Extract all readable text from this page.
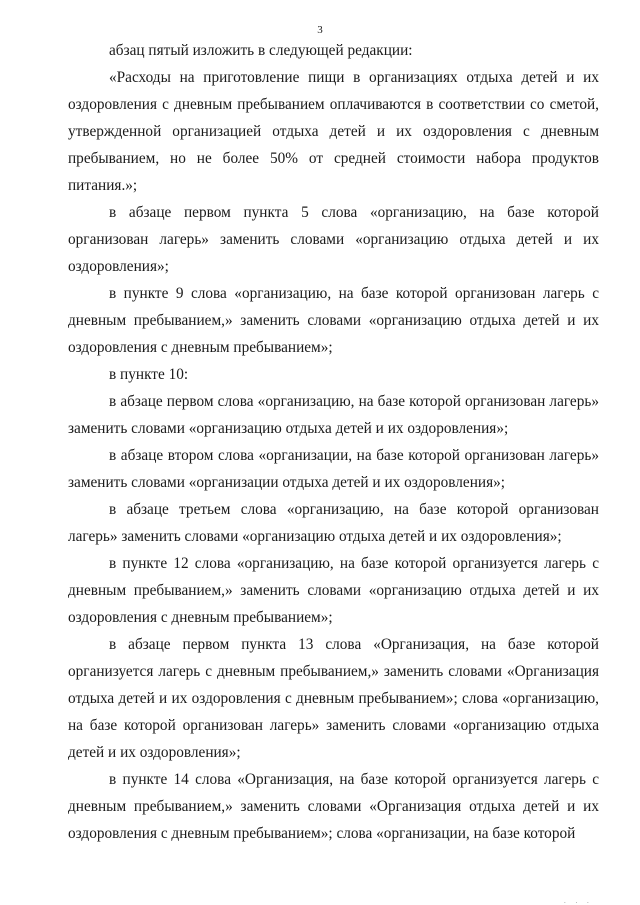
3

абзац пятый изложить в следующей редакции:

«Расходы на приготовление пищи в организациях отдыха детей и их оздоровления с дневным пребыванием оплачиваются в соответствии со сметой, утвержденной организацией отдыха детей и их оздоровления с дневным пребыванием, но не более 50% от средней стоимости набора продуктов питания.»;

в абзаце первом пункта 5 слова «организацию, на базе которой организован лагерь» заменить словами «организацию отдыха детей и их оздоровления»;

в пункте 9 слова «организацию, на базе которой организован лагерь с дневным пребыванием,» заменить словами «организацию отдыха детей и их оздоровления с дневным пребыванием»;

в пункте 10:

в абзаце первом слова «организацию, на базе которой организован лагерь» заменить словами «организацию отдыха детей и их оздоровления»;

в абзаце втором слова «организации, на базе которой организован лагерь» заменить словами «организации отдыха детей и их оздоровления»;

в абзаце третьем слова «организацию, на базе которой организован лагерь» заменить словами «организацию отдыха детей и их оздоровления»;

в пункте 12 слова «организацию, на базе которой организуется лагерь с дневным пребыванием,» заменить словами «организацию отдыха детей и их оздоровления с дневным пребыванием»;

в абзаце первом пункта 13 слова «Организация, на базе которой организуется лагерь с дневным пребыванием,» заменить словами «Организация отдыха детей и их оздоровления с дневным пребыванием»; слова «организацию, на базе которой организован лагерь» заменить словами «организацию отдыха детей и их оздоровления»;

в пункте 14 слова «Организация, на базе которой организуется лагерь с дневным пребыванием,» заменить словами «Организация отдыха детей и их оздоровления с дневным пребыванием»; слова «организации, на базе которой

. . .
